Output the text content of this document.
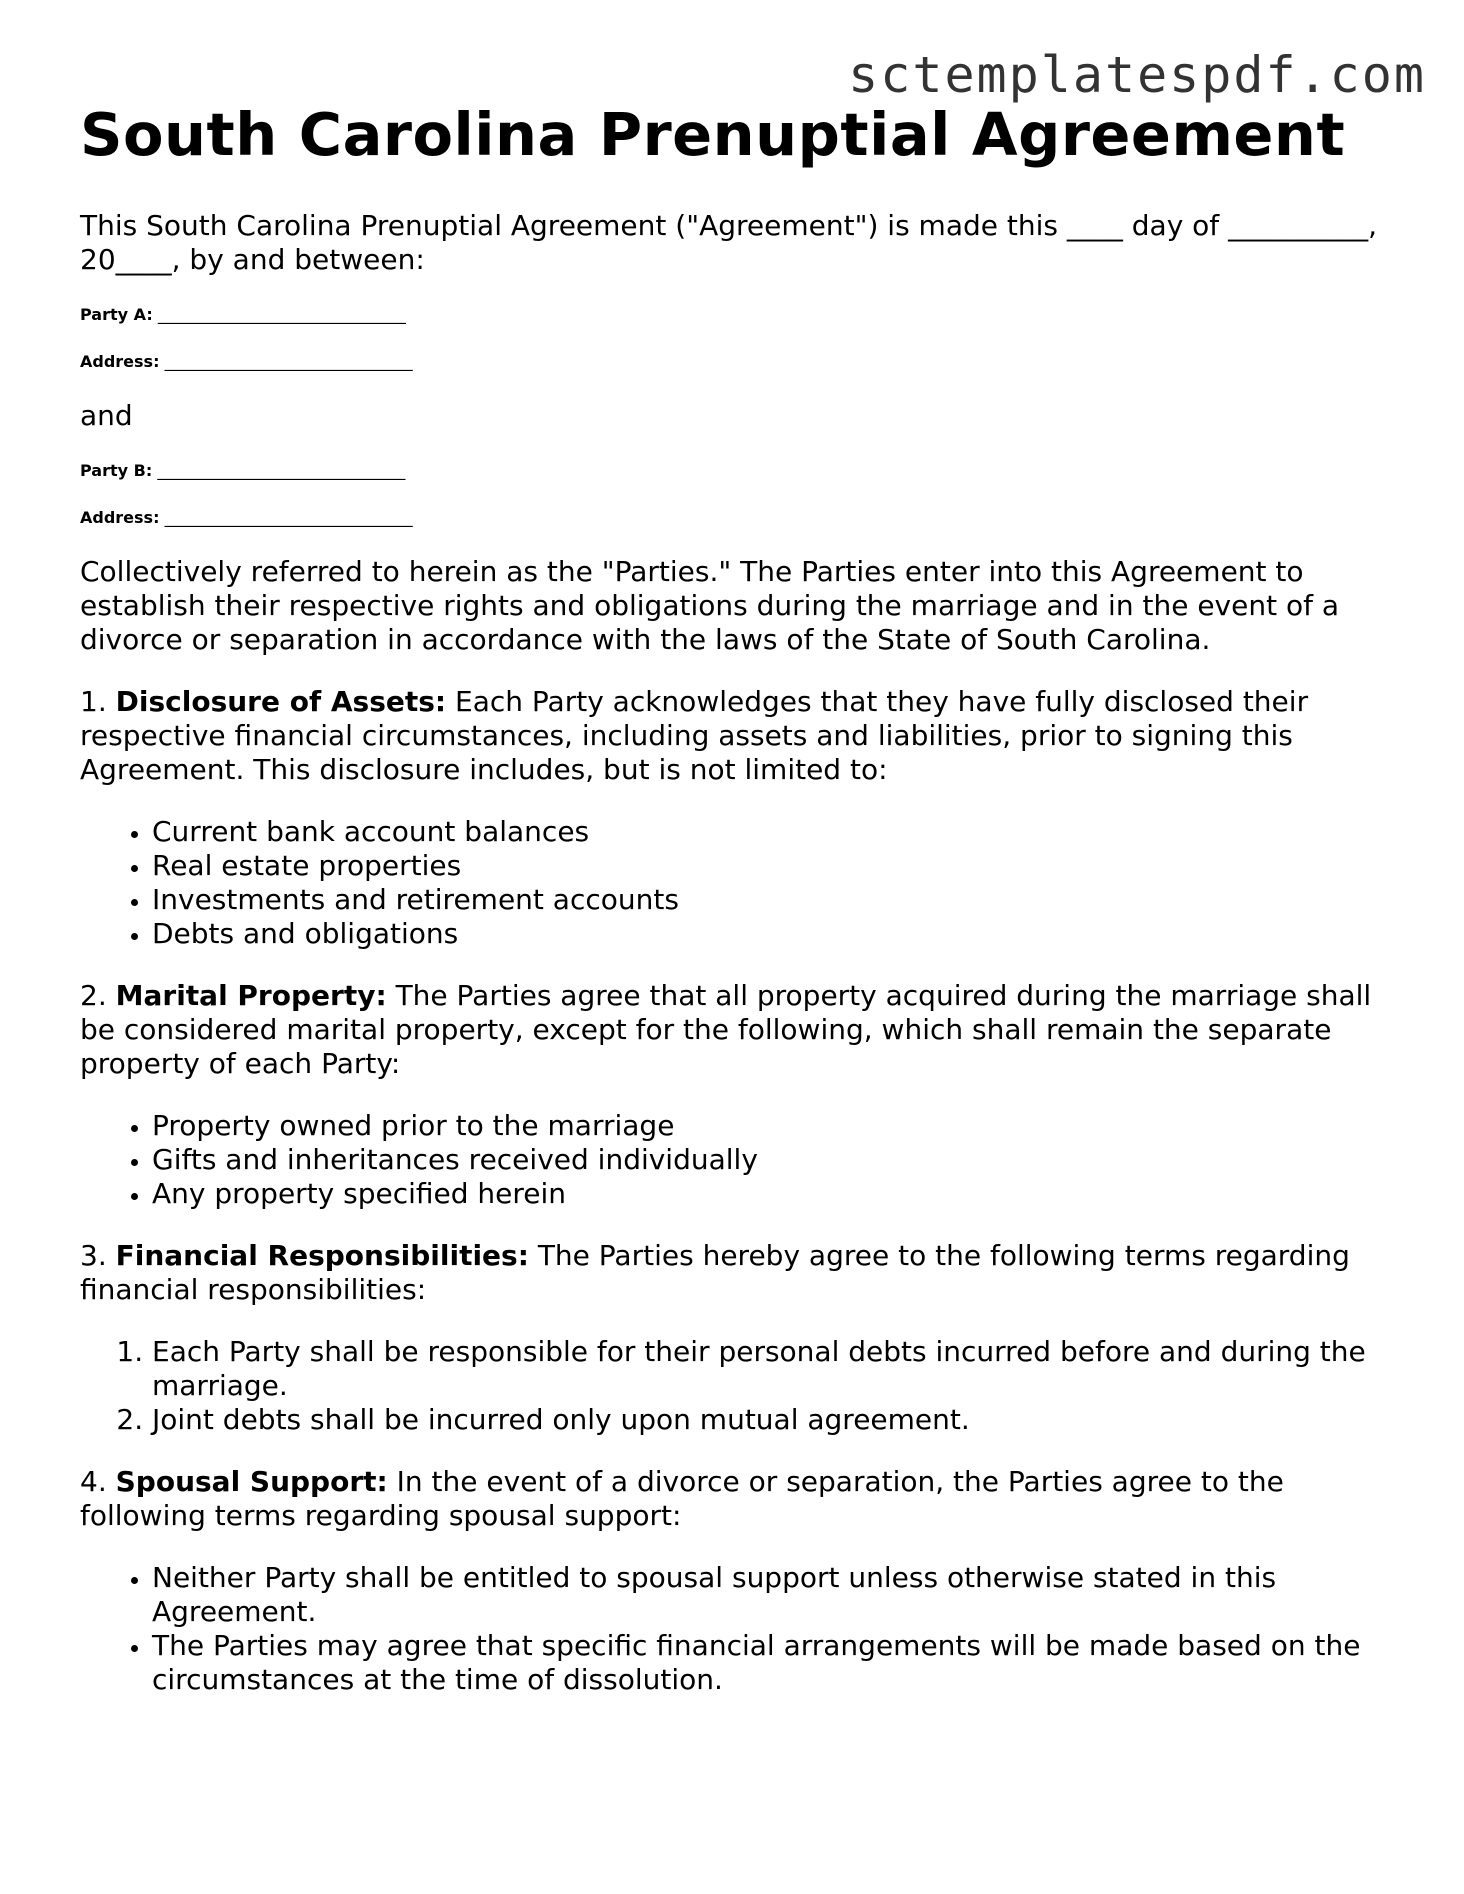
sctemplatespdf.com
South Carolina Prenuptial Agreement

This South Carolina Prenuptial Agreement ("Agreement") is made this ____ day of __________, 20____, by and between:

Party A: _______________________________
Address: _______________________________

and

Party B: _______________________________
Address: _______________________________

Collectively referred to herein as the "Parties." The Parties enter into this Agreement to establish their respective rights and obligations during the marriage and in the event of a divorce or separation in accordance with the laws of the State of South Carolina.

1. Disclosure of Assets: Each Party acknowledges that they have fully disclosed their respective financial circumstances, including assets and liabilities, prior to signing this Agreement. This disclosure includes, but is not limited to:

• Current bank account balances
• Real estate properties
• Investments and retirement accounts
• Debts and obligations

2. Marital Property: The Parties agree that all property acquired during the marriage shall be considered marital property, except for the following, which shall remain the separate property of each Party:

• Property owned prior to the marriage
• Gifts and inheritances received individually
• Any property specified herein

3. Financial Responsibilities: The Parties hereby agree to the following terms regarding financial responsibilities:

1. Each Party shall be responsible for their personal debts incurred before and during the marriage.
2. Joint debts shall be incurred only upon mutual agreement.

4. Spousal Support: In the event of a divorce or separation, the Parties agree to the following terms regarding spousal support:

• Neither Party shall be entitled to spousal support unless otherwise stated in this Agreement.
• The Parties may agree that specific financial arrangements will be made based on the circumstances at the time of dissolution.
